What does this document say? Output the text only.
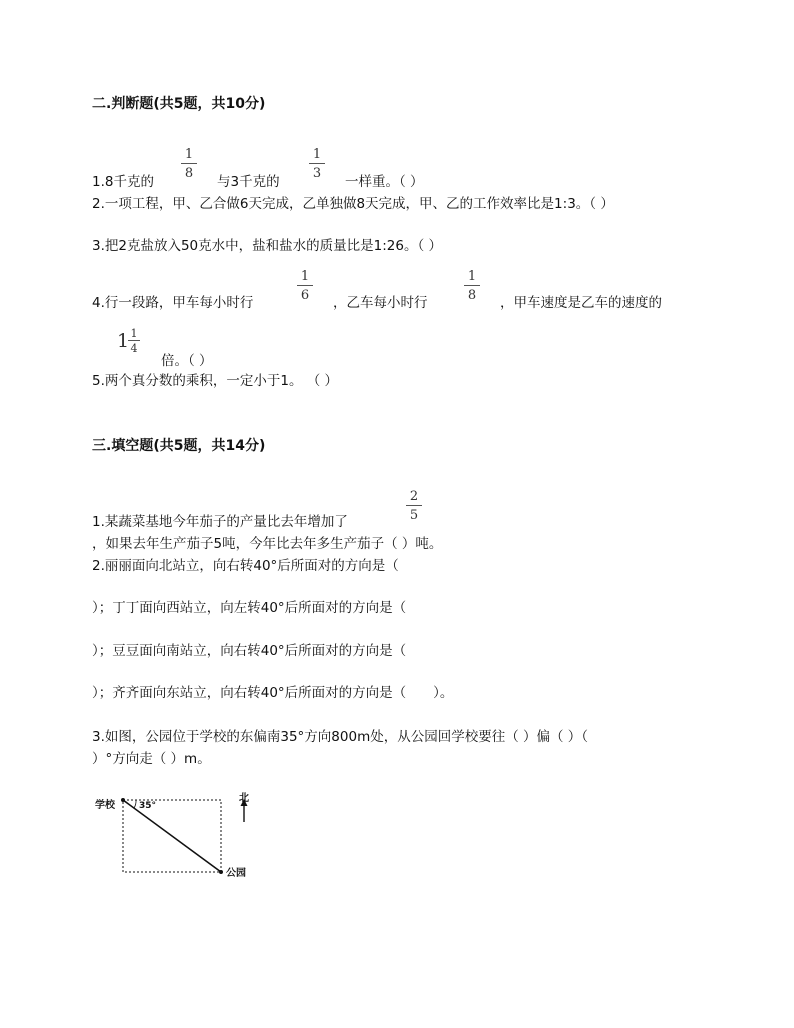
二.判断题(共5题，共10分)
1.8千克的
1
8
与3千克的
1
3
一样重。（ ）
2.一项工程，甲、乙合做6天完成，乙单独做8天完成，甲、乙的工作效率比是1:3。（ ）
3.把2克盐放入50克水中，盐和盐水的质量比是1:26。（ ）
4.行一段路，甲车每小时行
1
6	，乙车每小时行
1
8	，甲车速度是乙车的速度的
1 1
4
倍。（ ）
5.两个真分数的乘积，一定小于1。 （ ）
三.填空题(共5题，共14分)
1.某蔬菜基地今年茄子的产量比去年增加了
2
5
，如果去年生产茄子5吨，今年比去年多生产茄子（ ）吨。
2.丽丽面向北站立，向右转40°后所面对的方向是（
）；丁丁面向西站立，向左转40°后所面对的方向是（
）；豆豆面向南站立，向右转40°后所面对的方向是（
）；齐齐面向东站立，向右转40°后所面对的方向是（　　）。
3.如图，公园位于学校的东偏南35°方向800m处，从公园回学校要往（ ）偏（ ）（
）°方向走（ ）m。
学校	35°
北
公园
